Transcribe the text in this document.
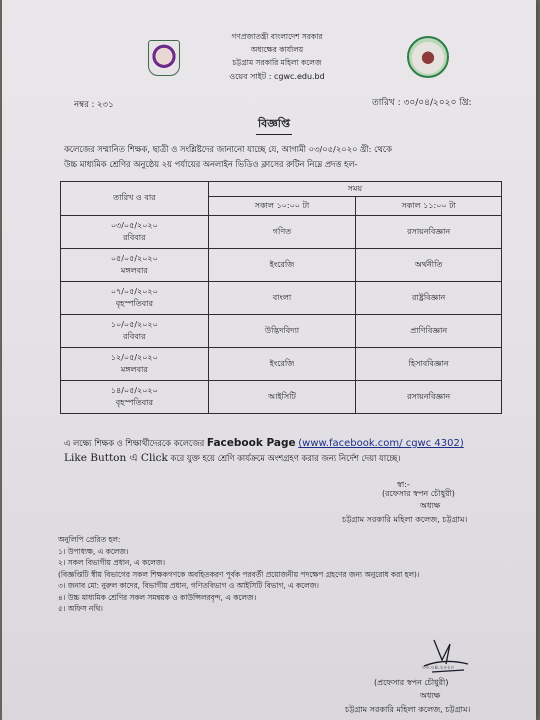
গণপ্রজাতন্ত্রী বাংলাদেশ সরকার
অধ্যক্ষের কার্যালয়
চট্টগ্রাম সরকারি মহিলা কলেজ
ওয়েব সাইট : cgwc.edu.bd
নম্বর : ২৩১	তারিখ : ৩০/০৪/২০২০ খ্রি:
বিজ্ঞপ্তি
কলেজের সম্মানিত শিক্ষক, ছাত্রী ও সংশ্লিষ্টদের জানানো যাচ্ছে যে, আগামী ০৩/০৫/২০২০ খ্রী: থেকে
উচ্চ মাধ্যমিক শ্রেণির অনুষ্ঠেয় ২য় পর্যায়ের অনলাইন ভিডিও ক্লাসের রুটিন নিম্নে প্রদত্ত হল-
তারিখ ও বার	সময়	
	সকাল ১০:০০ টা	সকাল ১১:০০ টা

০৩/০৫/২০২০
রবিবার	গণিত	রসায়নবিজ্ঞান

০৫/০৫/২০২০
মঙ্গলবার	ইংরেজি	অর্থনীতি

০৭/০৫/২০২০
বৃহস্পতিবার	বাংলা	রাষ্ট্রবিজ্ঞান

১০/০৫/২০২০
রবিবার	উদ্ভিদবিদ্যা	প্রাণিবিজ্ঞান

১২/০৫/২০২০
মঙ্গলবার	ইংরেজি	হিসাববিজ্ঞান

১৪/০৫/২০২০
বৃহস্পতিবার	আইসিটি	রসায়নবিজ্ঞান
এ লক্ষ্যে শিক্ষক ও শিক্ষার্থীদেরকে কলেজের Facebook Page (www.facebook.com/ cgwc 4302)
Like Button এ Click করে যুক্ত হয়ে শ্রেণি কার্যক্রমে অংশগ্রহণ করার জন্য নির্দেশ দেয়া যাচ্ছে।
স্বা:-
(রফেসার স্বপন চৌধুরী)
অধ্যক্ষ
চট্টগ্রাম সরকারি মহিলা কলেজ, চট্টগ্রাম।
অনুলিপি প্রেরিত হল:
১। উপাধ্যক্ষ, এ কলেজ।
২। সকল বিভাগীয় প্রধান, এ কলেজ।
(বিজ্ঞপ্তিটি স্বীয় বিভাগের সকল শিক্ষকগণকে অবহিতকরণ পূর্বক পরবর্তী প্রয়োজনীয় পদক্ষেপ গ্রহণের জন্য অনুরোধ করা হল)।
৩। জনাব মো: নুরুল কাদের, বিভাগীয় প্রধান, গণিতবিভাগ ও আইসিটি বিভাগ, এ কলেজ।
৪। উচ্চ মাধ্যমিক শ্রেণির সকল সমন্বয়ক ও কাউন্সিলরবৃন্দ, এ কলেজ।
৫। অফিস নথি।
৩০.০৪.২০২০
(প্রফেসার স্বপন চৌধুরী)
অধ্যক্ষ
চট্টগ্রাম সরকারি মহিলা কলেজ, চট্টগ্রাম।
